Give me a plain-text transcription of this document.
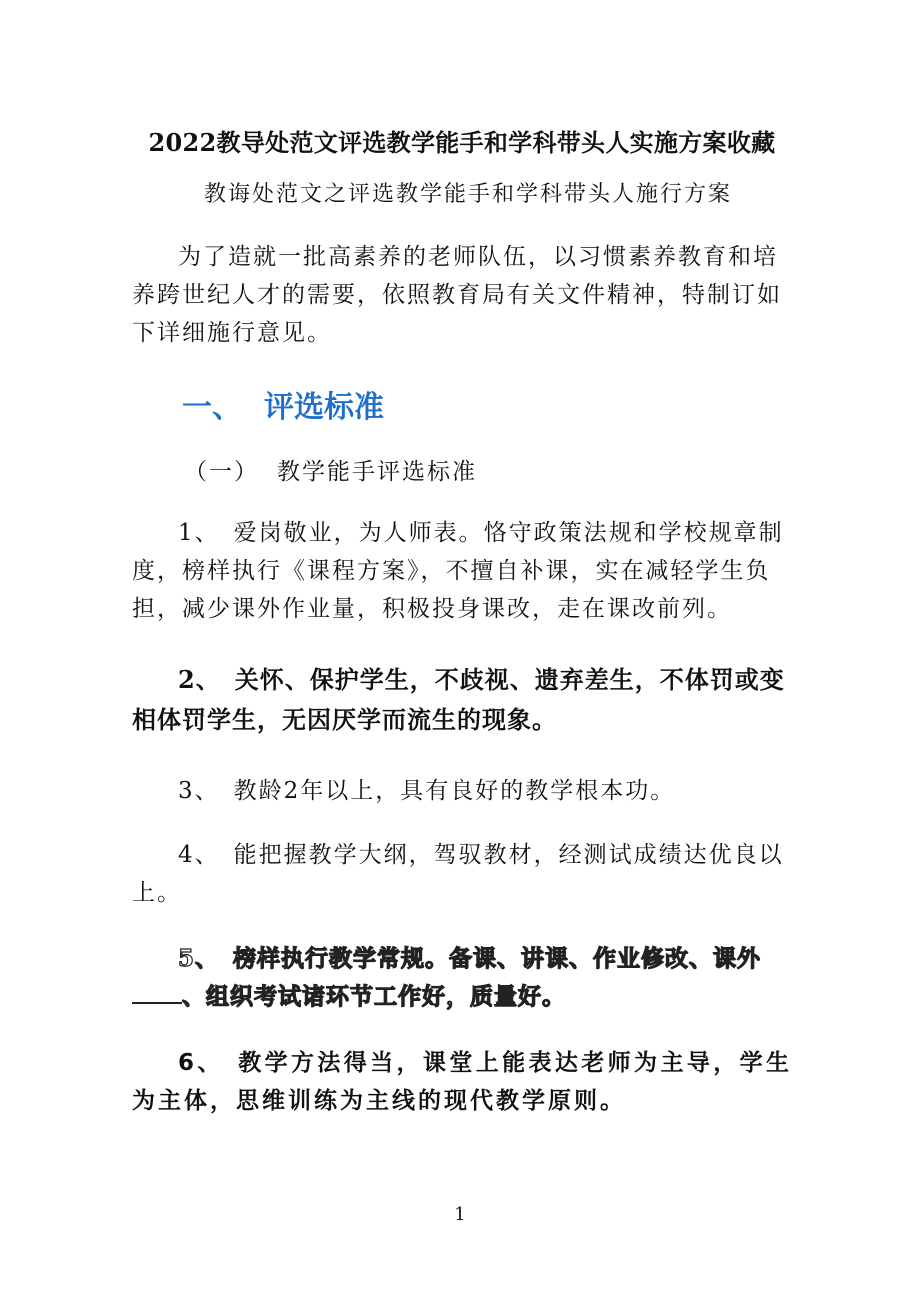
2022教导处范文评选教学能手和学科带头人实施方案收藏

教诲处范文之评选教学能手和学科带头人施行方案

为了造就一批高素养的老师队伍，以习惯素养教育和培养跨世纪人才的需要，依照教育局有关文件精神，特制订如下详细施行意见。

一、 评选标准

（一） 教学能手评选标准

1、 爱岗敬业，为人师表。恪守政策法规和学校规章制度，榜样执行《课程方案》，不擅自补课，实在减轻学生负担，减少课外作业量，积极投身课改，走在课改前列。

2、 关怀、保护学生，不歧视、遗弃差生，不体罚或变相体罚学生，无因厌学而流生的现象。

3、 教龄2年以上，具有良好的教学根本功。

4、 能把握教学大纲，驾驭教材，经测试成绩达优良以上。

5、 榜样执行教学常规。备课、讲课、作业修改、课外、组织考试诸环节工作好，质量好。

6、 教学方法得当，课堂上能表达老师为主导，学生为主体，思维训练为主线的现代教学原则。

1
